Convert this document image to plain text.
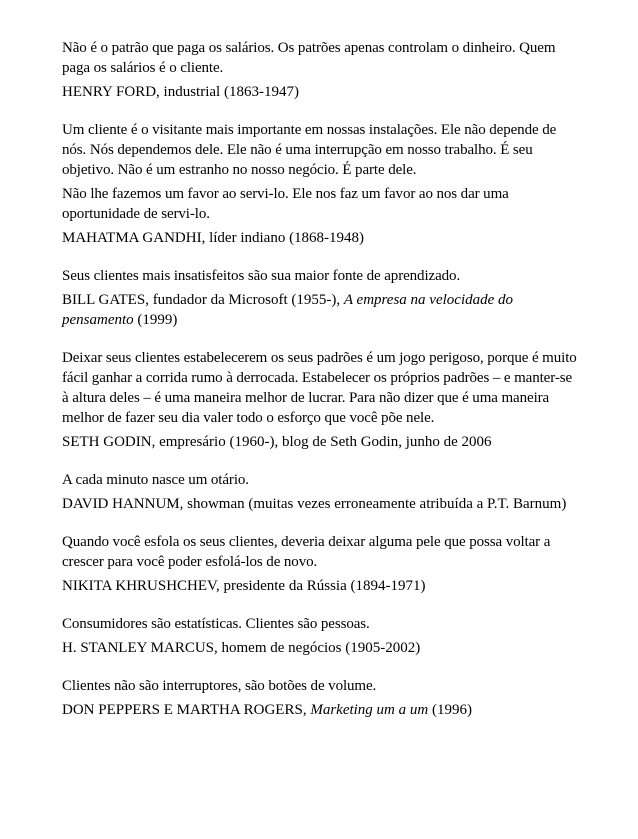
Não é o patrão que paga os salários. Os patrões apenas controlam o dinheiro. Quem paga os salários é o cliente.

HENRY FORD, industrial (1863-1947)

Um cliente é o visitante mais importante em nossas instalações. Ele não depende de nós. Nós dependemos dele. Ele não é uma interrupção em nosso trabalho. É seu objetivo. Não é um estranho no nosso negócio. É parte dele.

Não lhe fazemos um favor ao servi-lo. Ele nos faz um favor ao nos dar uma oportunidade de servi-lo.

MAHATMA GANDHI, líder indiano (1868-1948)

Seus clientes mais insatisfeitos são sua maior fonte de aprendizado.

BILL GATES, fundador da Microsoft (1955-), A empresa na velocidade do pensamento (1999)

Deixar seus clientes estabelecerem os seus padrões é um jogo perigoso, porque é muito fácil ganhar a corrida rumo à derrocada. Estabelecer os próprios padrões – e manter-se à altura deles – é uma maneira melhor de lucrar. Para não dizer que é uma maneira melhor de fazer seu dia valer todo o esforço que você põe nele.

SETH GODIN, empresário (1960-), blog de Seth Godin, junho de 2006

A cada minuto nasce um otário.

DAVID HANNUM, showman (muitas vezes erroneamente atribuída a P.T. Barnum)

Quando você esfola os seus clientes, deveria deixar alguma pele que possa voltar a crescer para você poder esfolá-los de novo.

NIKITA KHRUSHCHEV, presidente da Rússia (1894-1971)

Consumidores são estatísticas. Clientes são pessoas.

H. STANLEY MARCUS, homem de negócios (1905-2002)

Clientes não são interruptores, são botões de volume.

DON PEPPERS E MARTHA ROGERS, Marketing um a um (1996)
